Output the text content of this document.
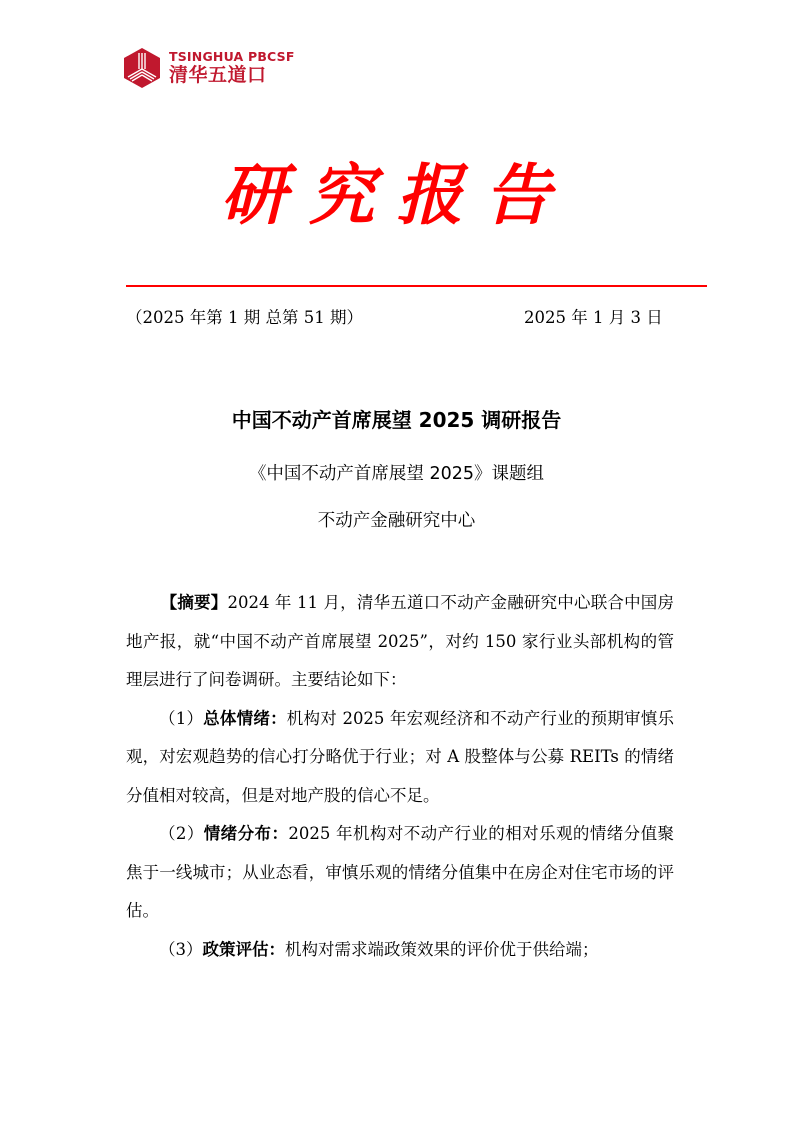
TSINGHUA PBCSF
清华五道口
研究报告
（2025 年第 1 期 总第 51 期）	2025 年 1 月 3 日
中国不动产首席展望 2025 调研报告
《中国不动产首席展望 2025》课题组
不动产金融研究中心

【摘要】2024 年 11 月，清华五道口不动产金融研究中心联合中国房地产报，就“中国不动产首席展望 2025”，对约 150 家行业头部机构的管理层进行了问卷调研。主要结论如下：

（1）总体情绪：机构对 2025 年宏观经济和不动产行业的预期审慎乐观，对宏观趋势的信心打分略优于行业；对 A 股整体与公募 REITs 的情绪分值相对较高，但是对地产股的信心不足。

（2）情绪分布：2025 年机构对不动产行业的相对乐观的情绪分值聚焦于一线城市；从业态看，审慎乐观的情绪分值集中在房企对住宅市场的评估。

（3）政策评估：机构对需求端政策效果的评价优于供给端；
